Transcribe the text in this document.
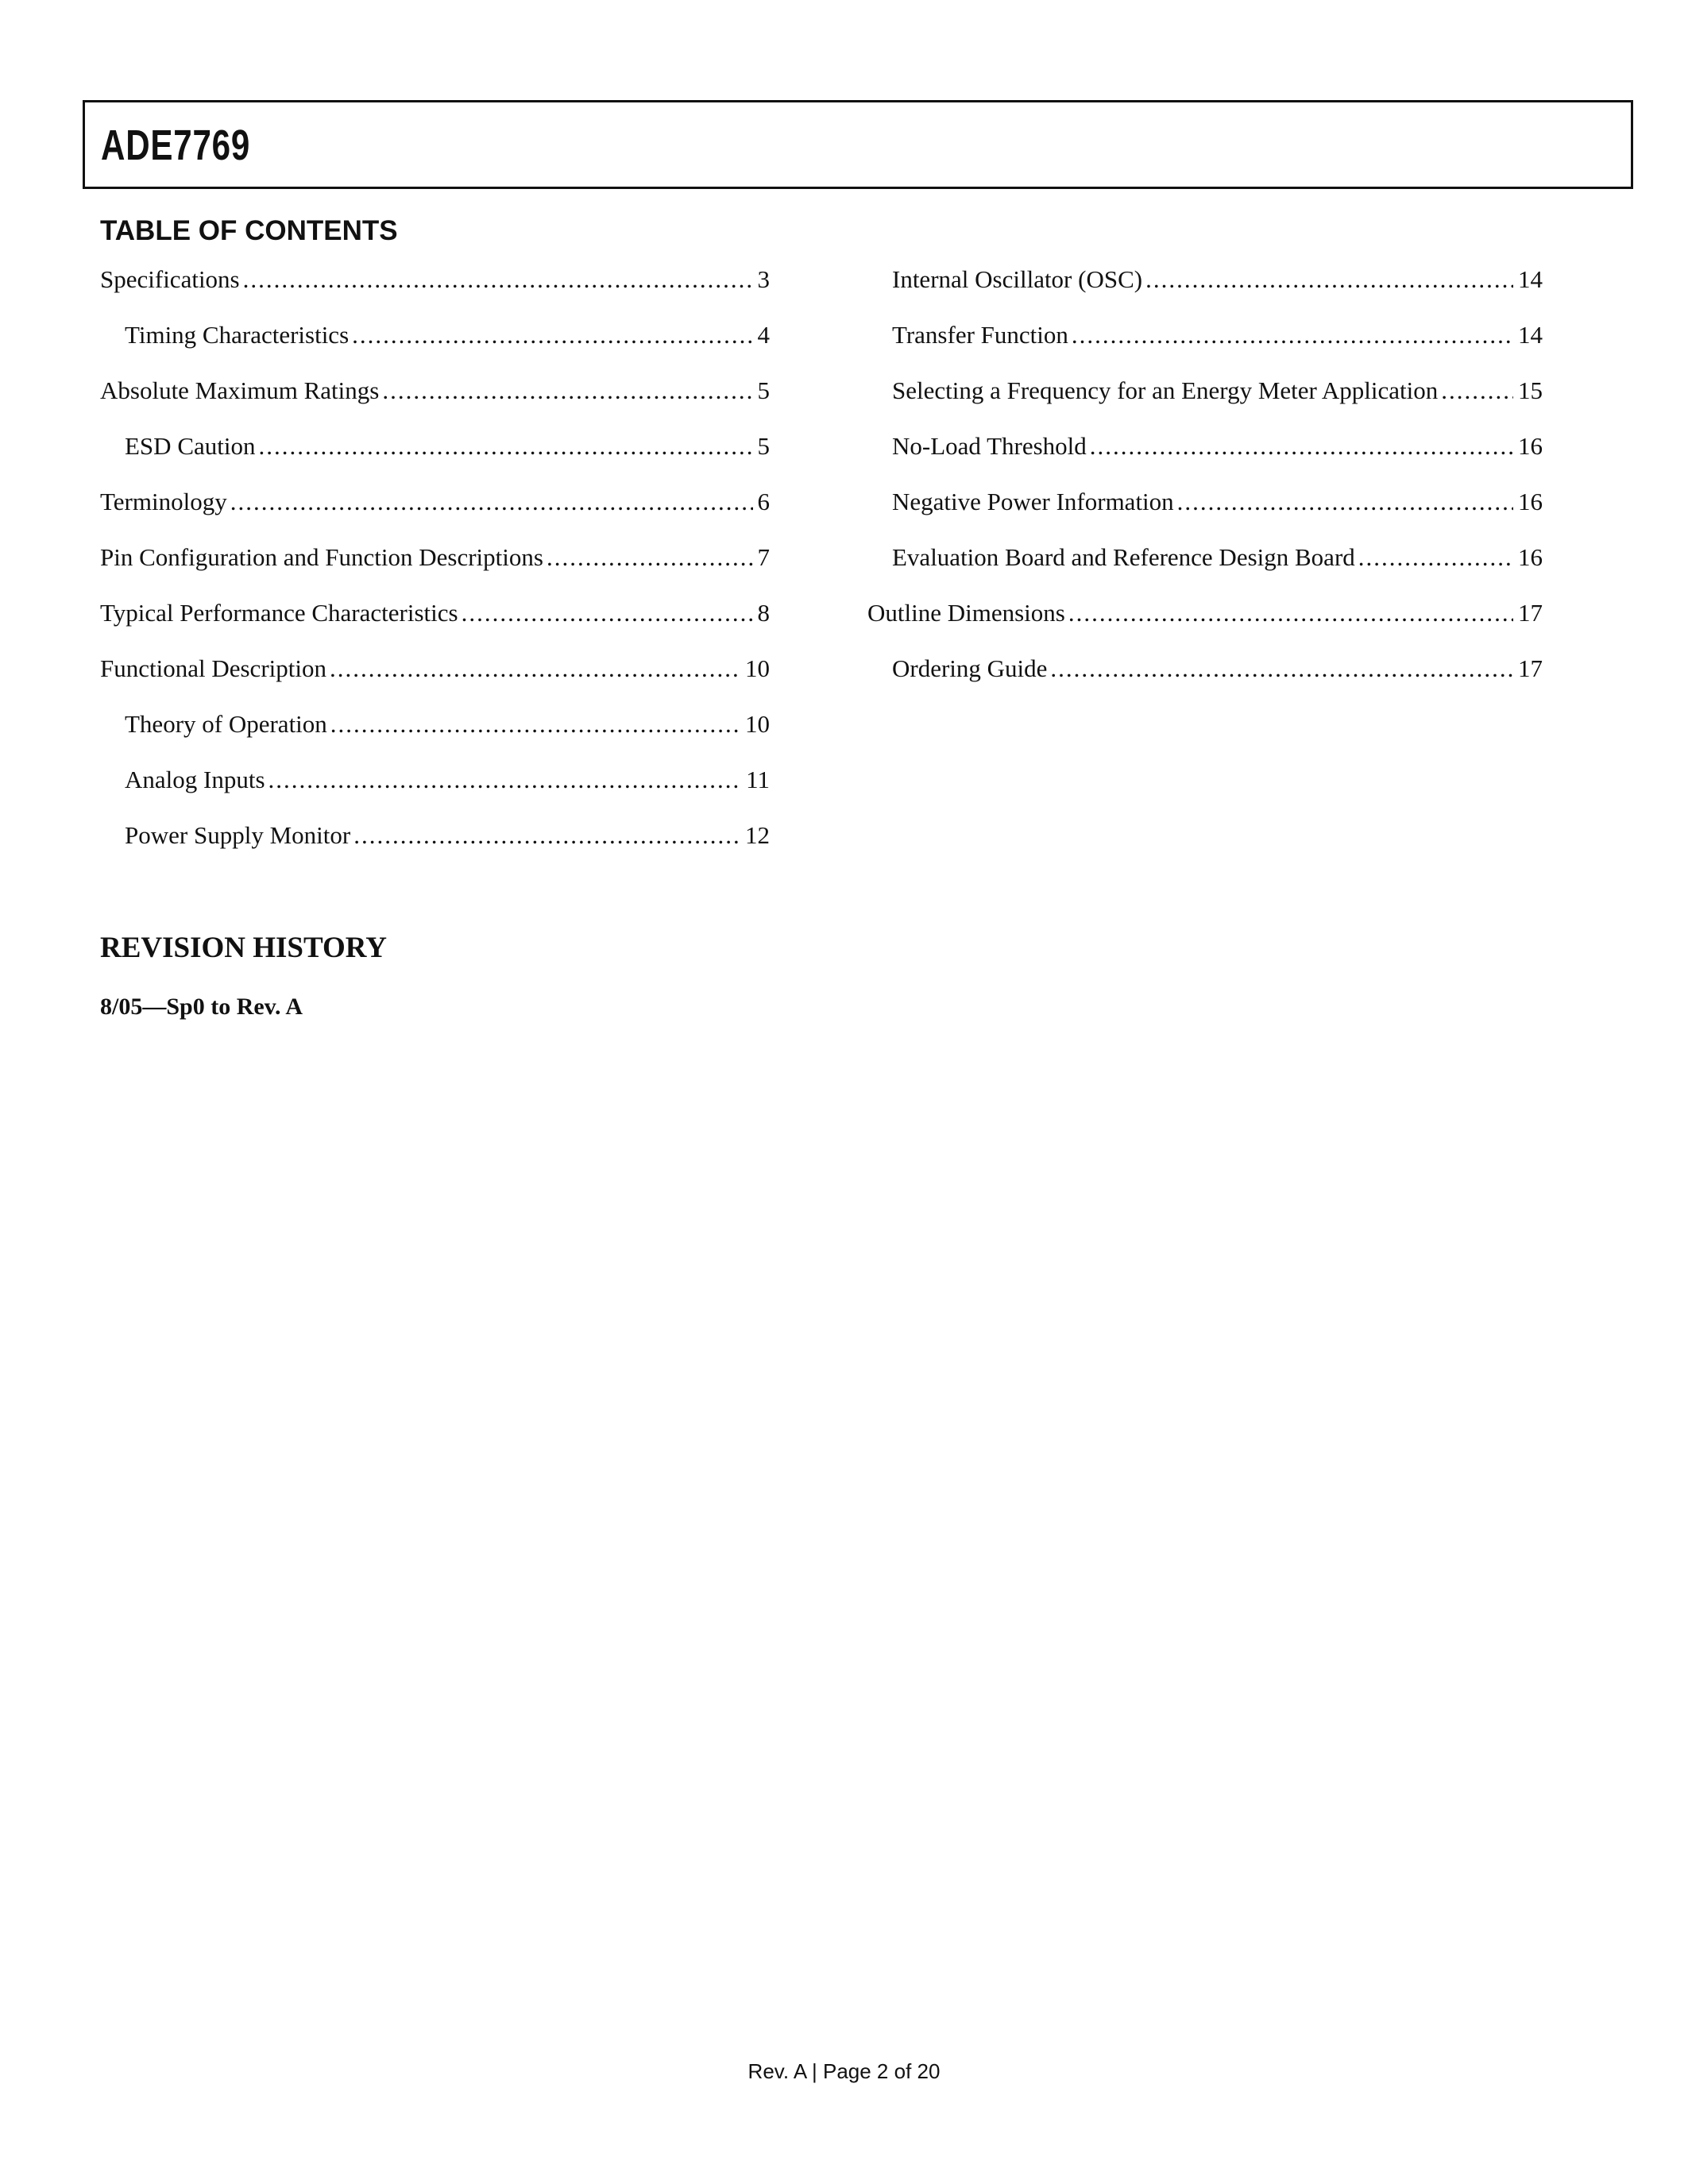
ADE7769
TABLE OF CONTENTS
Specifications .....	3
Timing Characteristics .....	4
Absolute Maximum Ratings .....	5
ESD Caution .....	5
Terminology .....	6
Pin Configuration and Function Descriptions .....	7
Typical Performance Characteristics .....	8
Functional Description .....	10
Theory of Operation .....	10
Analog Inputs .....	11
Power Supply Monitor .....	12
Internal Oscillator (OSC) .....	14
Transfer Function .....	14
Selecting a Frequency for an Energy Meter Application .....	15
No-Load Threshold .....	16
Negative Power Information .....	16
Evaluation Board and Reference Design Board .....	16
Outline Dimensions .....	17
Ordering Guide .....	17
REVISION HISTORY
8/05—Sp0 to Rev. A
Rev. A | Page 2 of 20
